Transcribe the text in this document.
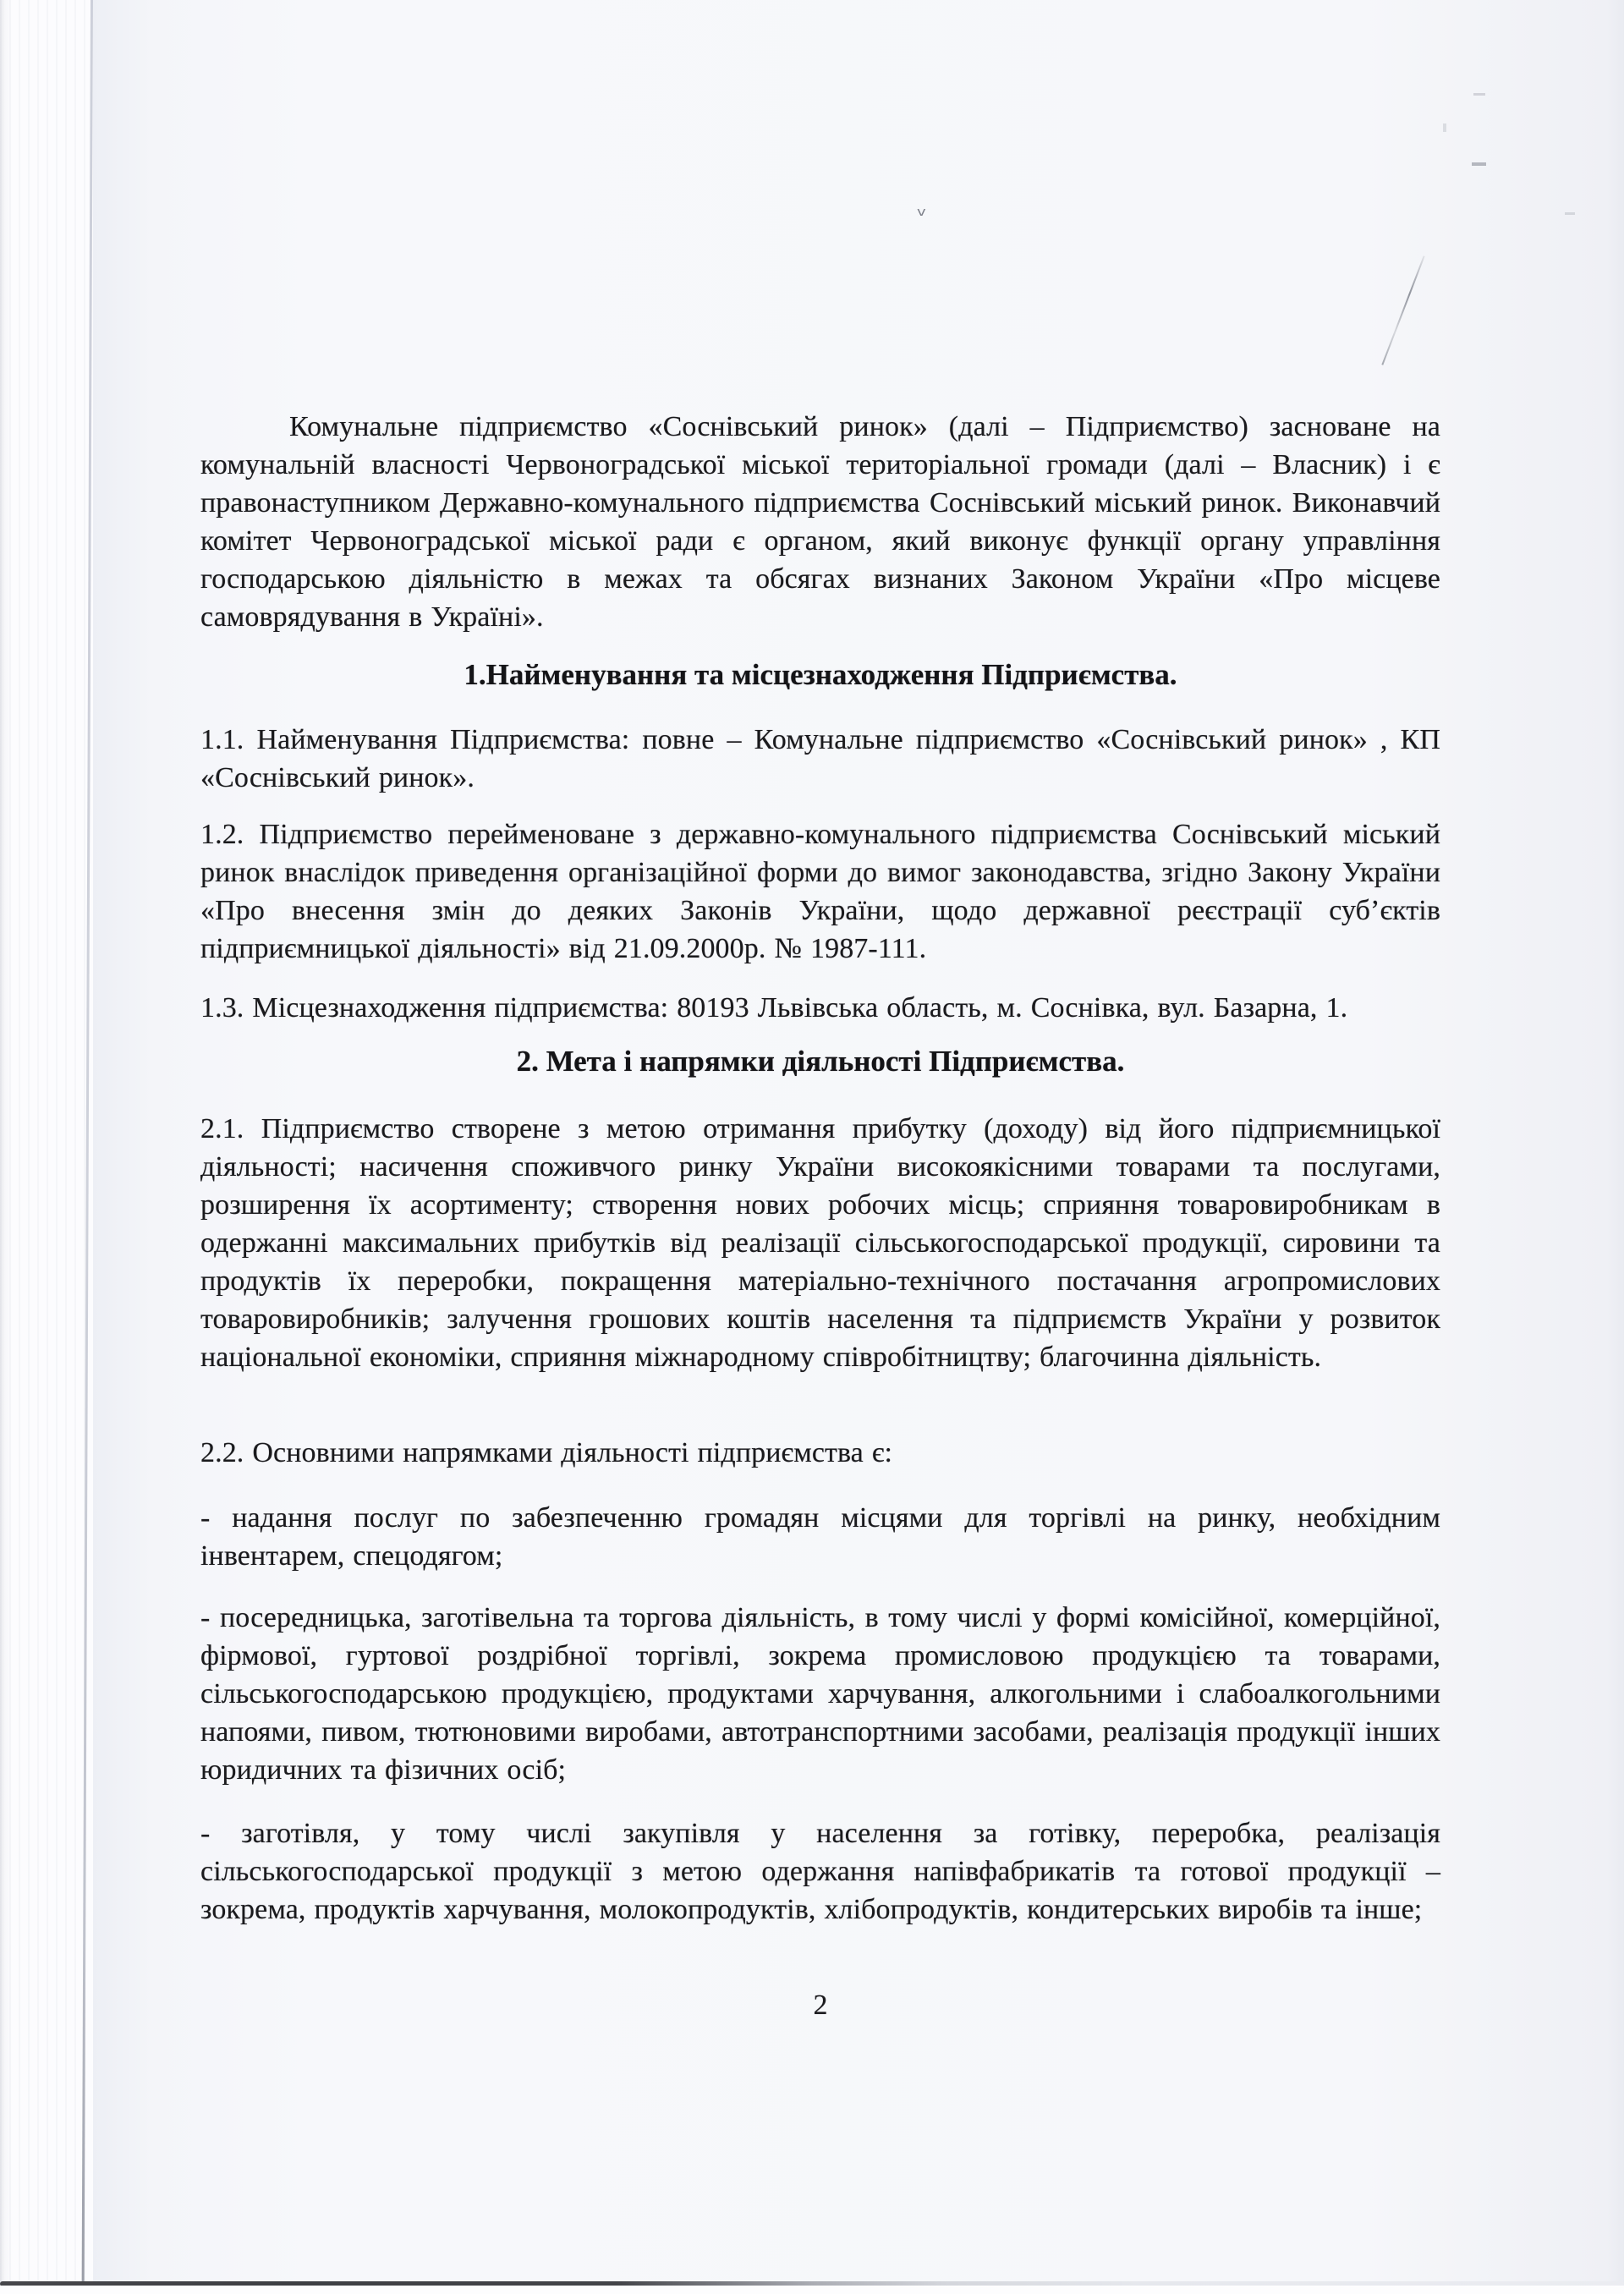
v

Комунальне підприємство «Соснівський ринок» (далі – Підприємство) засноване на комунальній власності Червоноградської міської територіальної громади (далі – Власник) і є правонаступником Державно-комунального підприємства Соснівський міський ринок. Виконавчий комітет Червоноградської міської ради є органом, який виконує функції органу управління господарською діяльністю в межах та обсягах визнаних Законом України «Про місцеве самоврядування в Україні».

1.Найменування та місцезнаходження Підприємства.

1.1. Найменування Підприємства: повне – Комунальне підприємство «Соснівський ринок» , КП «Соснівський ринок».

1.2. Підприємство перейменоване з державно-комунального підприємства Соснівський міський ринок внаслідок приведення організаційної форми до вимог законодавства, згідно Закону України «Про внесення змін до деяких Законів України, щодо державної реєстрації суб’єктів підприємницької діяльності» від 21.09.2000р. № 1987-111.

1.3. Місцезнаходження підприємства: 80193 Львівська область, м. Соснівка, вул. Базарна, 1.

2. Мета і напрямки діяльності Підприємства.

2.1. Підприємство створене з метою отримання прибутку (доходу) від його підприємницької діяльності; насичення споживчого ринку України високоякісними товарами та послугами, розширення їх асортименту; створення нових робочих місць; сприяння товаровиробникам в одержанні максимальних прибутків від реалізації сільськогосподарської продукції, сировини та продуктів їх переробки, покращення матеріально-технічного постачання агропромислових товаровиробників; залучення грошових коштів населення та підприємств України у розвиток національної економіки, сприяння міжнародному співробітництву; благочинна діяльність.

2.2. Основними напрямками діяльності підприємства є:

- надання послуг по забезпеченню громадян місцями для торгівлі на ринку, необхідним інвентарем, спецодягом;

- посередницька, заготівельна та торгова діяльність, в тому числі у формі комісійної, комерційної, фірмової, гуртової роздрібної торгівлі, зокрема промисловою продукцією та товарами, сільськогосподарською продукцією, продуктами харчування, алкогольними і слабоалкогольними напоями, пивом, тютюновими виробами, автотранспортними засобами, реалізація продукції інших юридичних та фізичних осіб;

- заготівля, у тому числі закупівля у населення за готівку, переробка, реалізація сільськогосподарської продукції з метою одержання напівфабрикатів та готової продукції – зокрема, продуктів харчування, молокопродуктів, хлібопродуктів, кондитерських виробів та інше;

2
